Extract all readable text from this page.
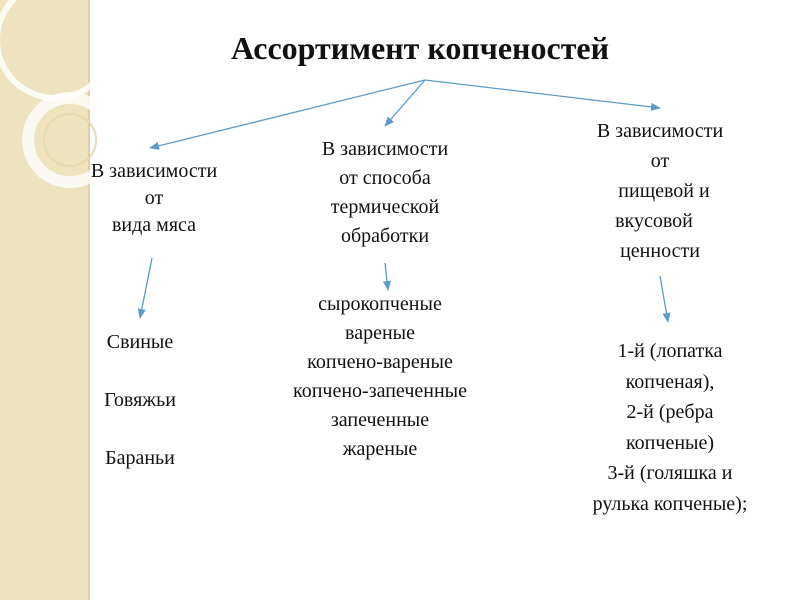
Ассортимент копченостей
В зависимости
от
вида мяса
Свиные

Говяжьи

Бараньи
В зависимости
от способа
термической
обработки
сырокопченые
вареные
копчено-вареные
копчено-запеченные
запеченные
жареные
В зависимости
от
пищевой и
вкусовой
ценности
1-й (лопатка
копченая),
2-й (ребра
копченые)
3-й (голяшка и
рулька копченые);
